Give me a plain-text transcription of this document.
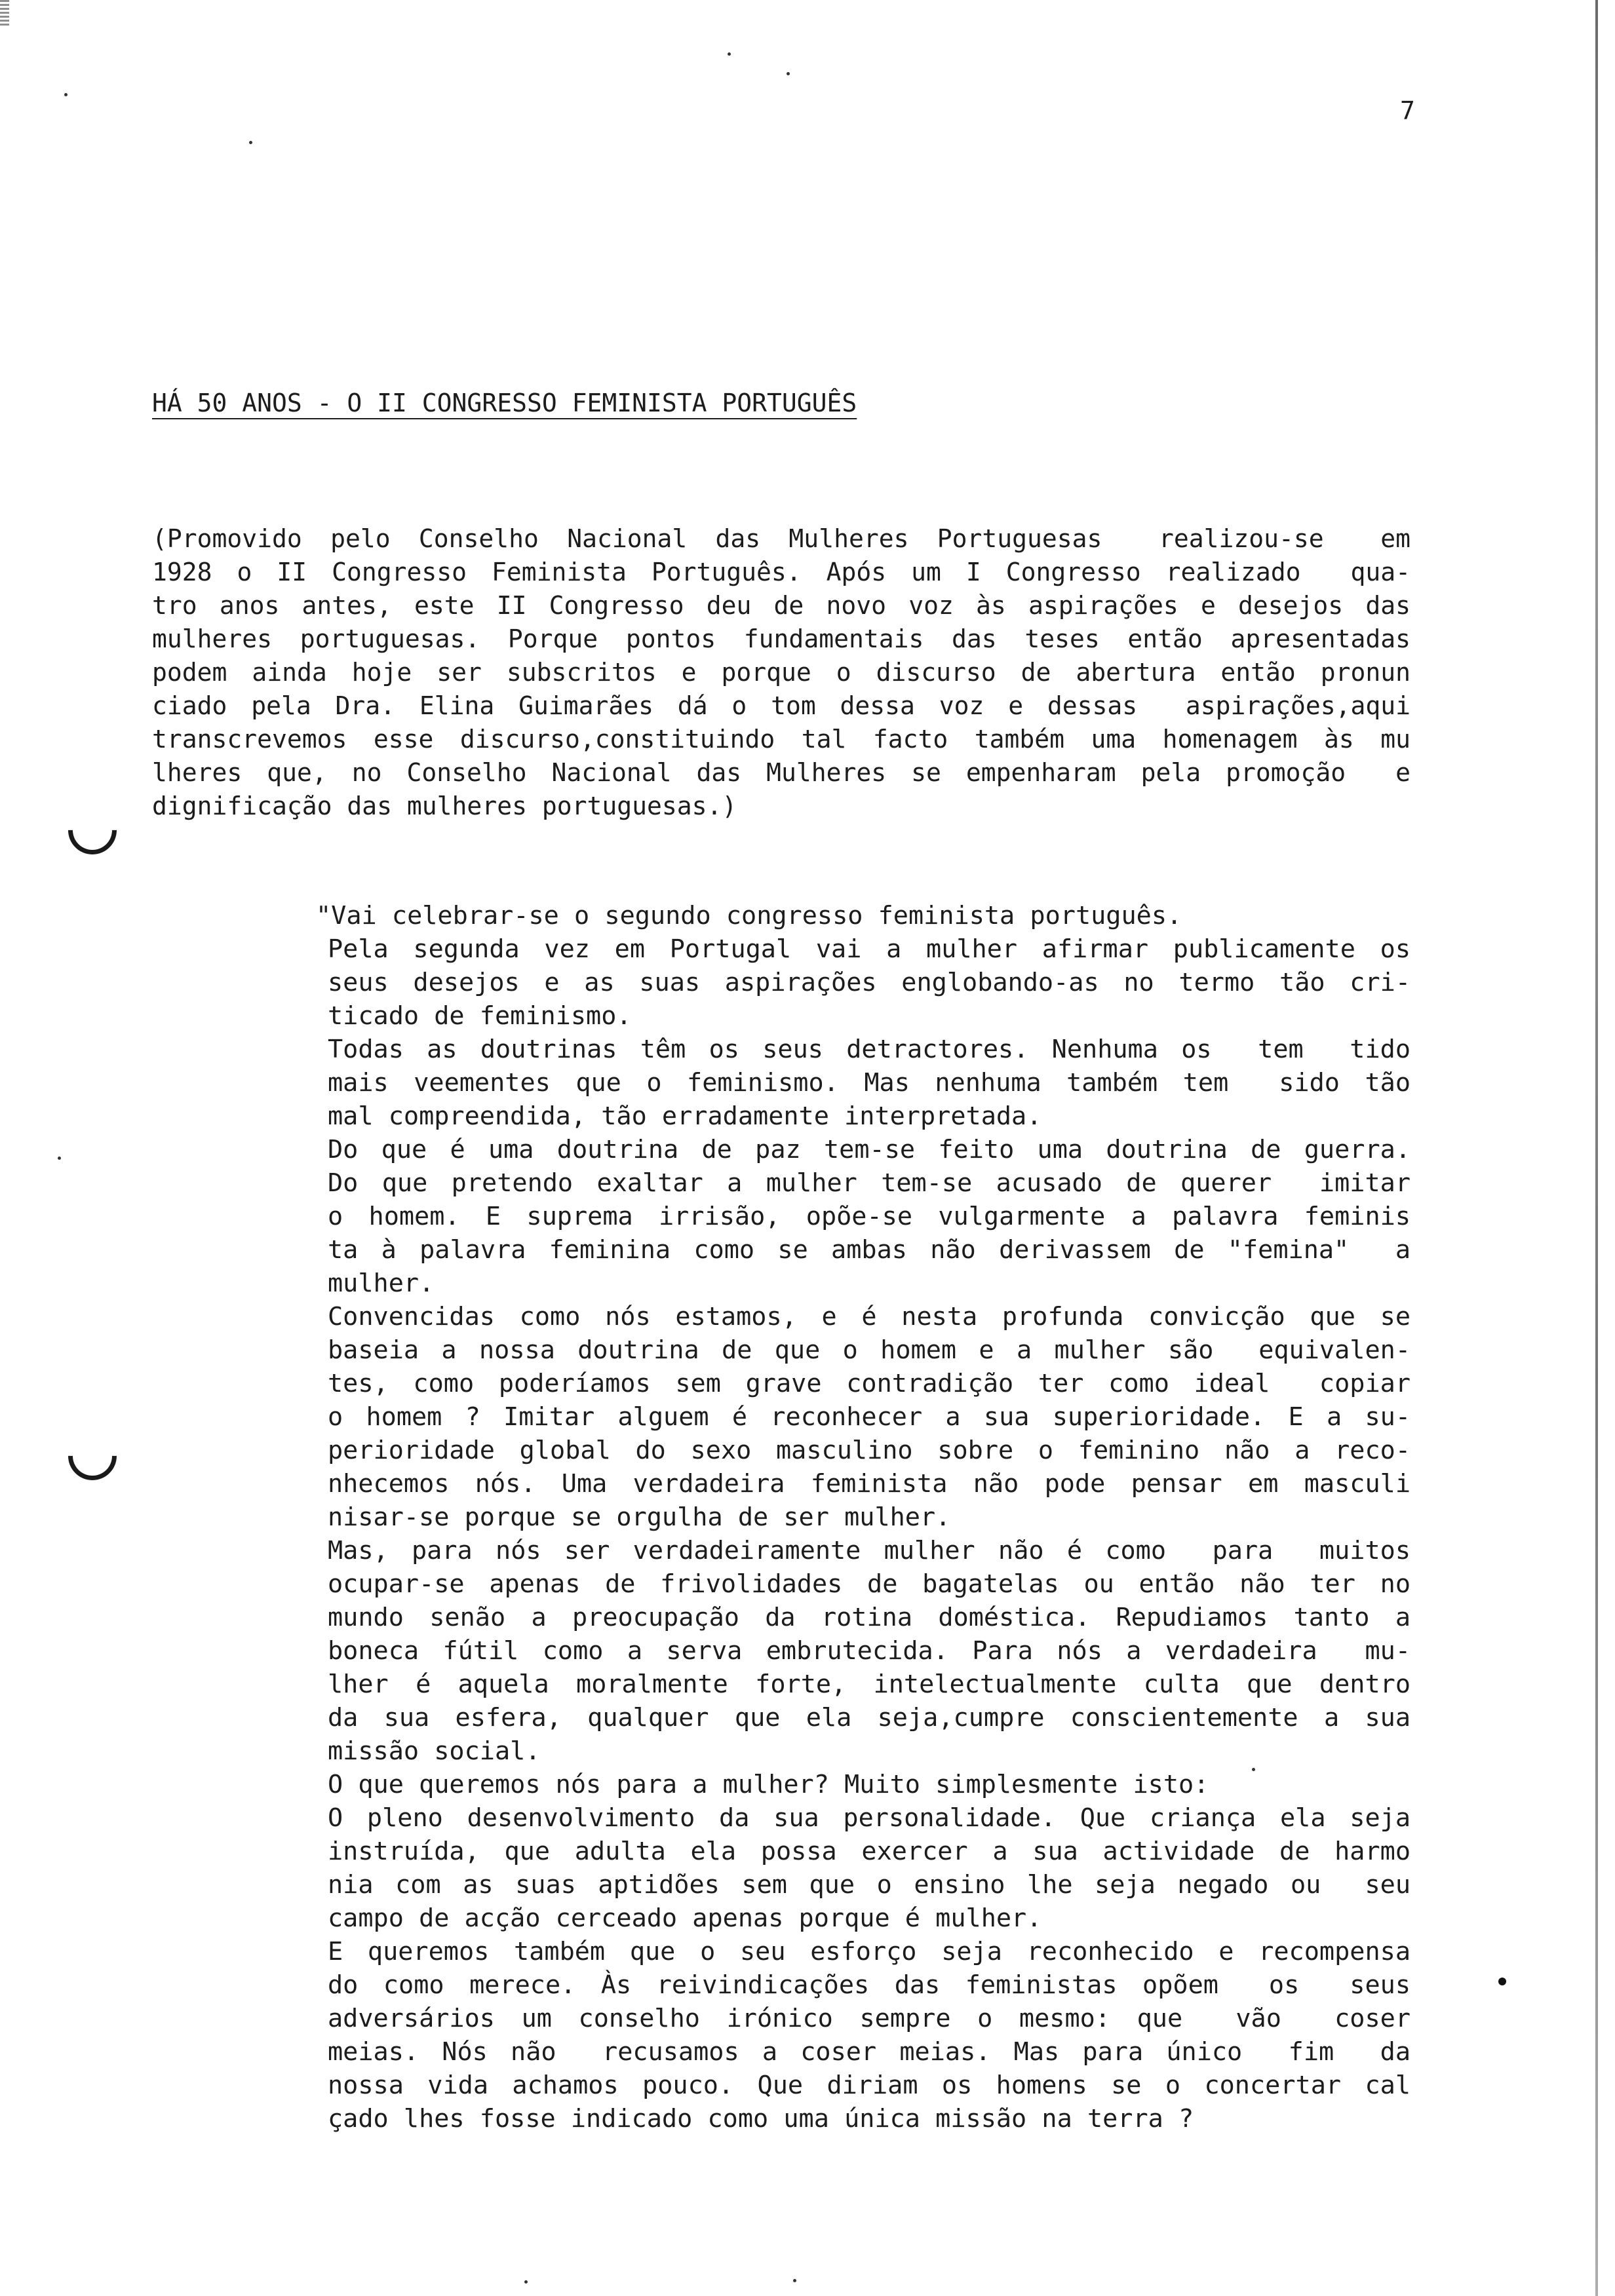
7
HÁ 50 ANOS - O II CONGRESSO FEMINISTA PORTUGUÊS
(Promovido pelo Conselho Nacional das Mulheres Portuguesas  realizou-se  em
1928 o II Congresso Feminista Português. Após um I Congresso realizado  qua-
tro anos antes, este II Congresso deu de novo voz às aspirações e desejos das
mulheres portuguesas. Porque pontos fundamentais das teses então apresentadas
podem ainda hoje ser subscritos e porque o discurso de abertura então pronun
ciado pela Dra. Elina Guimarães dá o tom dessa voz e dessas  aspirações,aqui
transcrevemos esse discurso,constituindo tal facto também uma homenagem às mu
lheres que, no Conselho Nacional das Mulheres se empenharam pela promoção  e
dignificação das mulheres portuguesas.)
"Vai celebrar-se o segundo congresso feminista português.
Pela segunda vez em Portugal vai a mulher afirmar publicamente os
seus desejos e as suas aspirações englobando-as no termo tão cri-
ticado de feminismo.
Todas as doutrinas têm os seus detractores. Nenhuma os  tem  tido
mais veementes que o feminismo. Mas nenhuma também tem  sido tão
mal compreendida, tão erradamente interpretada.
Do que é uma doutrina de paz tem-se feito uma doutrina de guerra.
Do que pretendo exaltar a mulher tem-se acusado de querer  imitar
o homem. E suprema irrisão, opõe-se vulgarmente a palavra feminis
ta à palavra feminina como se ambas não derivassem de "femina"  a
mulher.
Convencidas como nós estamos, e é nesta profunda convicção que se
baseia a nossa doutrina de que o homem e a mulher são  equivalen-
tes, como poderíamos sem grave contradição ter como ideal  copiar
o homem ? Imitar alguem é reconhecer a sua superioridade. E a su-
perioridade global do sexo masculino sobre o feminino não a reco-
nhecemos nós. Uma verdadeira feminista não pode pensar em masculi
nisar-se porque se orgulha de ser mulher.
Mas, para nós ser verdadeiramente mulher não é como  para  muitos
ocupar-se apenas de frivolidades de bagatelas ou então não ter no
mundo senão a preocupação da rotina doméstica. Repudiamos tanto a
boneca fútil como a serva embrutecida. Para nós a verdadeira  mu-
lher é aquela moralmente forte, intelectualmente culta que dentro
da sua esfera, qualquer que ela seja,cumpre conscientemente a sua
missão social.
O que queremos nós para a mulher? Muito simplesmente isto:
O pleno desenvolvimento da sua personalidade. Que criança ela seja
instruída, que adulta ela possa exercer a sua actividade de harmo
nia com as suas aptidões sem que o ensino lhe seja negado ou  seu
campo de acção cerceado apenas porque é mulher.
E queremos também que o seu esforço seja reconhecido e recompensa
do como merece. Às reivindicações das feministas opõem  os  seus
adversários um conselho irónico sempre o mesmo: que  vão  coser
meias. Nós não  recusamos a coser meias. Mas para único  fim  da
nossa vida achamos pouco. Que diriam os homens se o concertar cal
çado lhes fosse indicado como uma única missão na terra ?
